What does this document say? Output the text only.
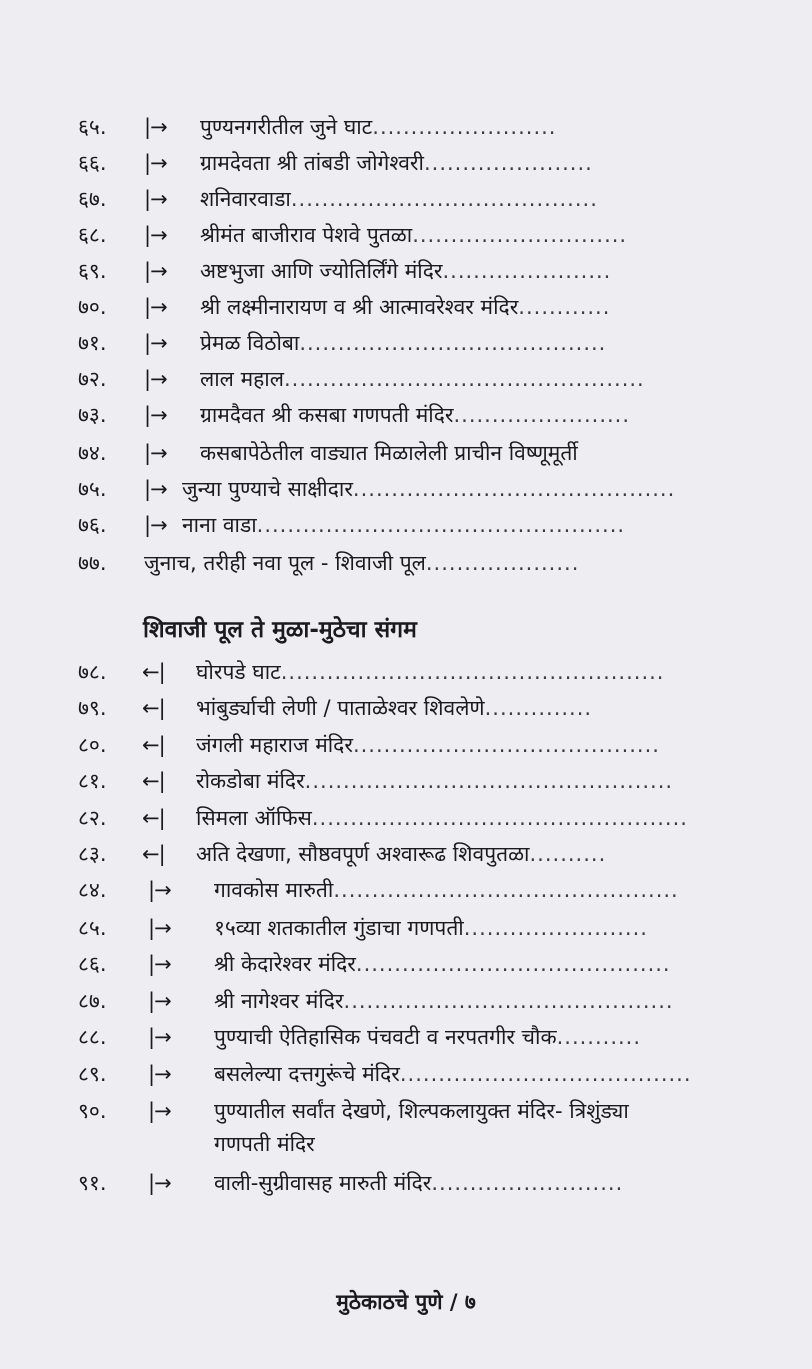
६५. |→ पुण्यनगरीतील जुने घाट........................
६६. |→ ग्रामदेवता श्री तांबडी जोगेश्वरी......................
६७. |→ शनिवारवाडा........................................
६८. |→ श्रीमंत बाजीराव पेशवे पुतळा............................
६९. |→ अष्टभुजा आणि ज्योतिर्लिंगे मंदिर......................
७०. |→ श्री लक्ष्मीनारायण व श्री आत्मावरेश्वर मंदिर............
७१. |→ प्रेमळ विठोबा........................................
७२. |→ लाल महाल...............................................
७३. |→ ग्रामदैवत श्री कसबा गणपती मंदिर.......................
७४. |→ कसबापेठेतील वाड्यात मिळालेली प्राचीन विष्णूमूर्ती
७५. |→ जुन्या पुण्याचे साक्षीदार..........................................
७६. |→ नाना वाडा................................................
७७. जुनाच, तरीही नवा पूल - शिवाजी पूल....................
शिवाजी पूल ते मुळा-मुठेचा संगम
७८. ←| घोरपडे घाट..................................................
७९. ←| भांबुर्ड्याची लेणी / पाताळेश्वर शिवलेणे..............
८०. ←| जंगली महाराज मंदिर........................................
८१. ←| रोकडोबा मंदिर................................................
८२. ←| सिमला ऑफिस.................................................
८३. ←| अति देखणा, सौष्ठवपूर्ण अश्वारूढ शिवपुतळा..........
८४. |→ गावकोस मारुती.............................................
८५. |→ १५व्या शतकातील गुंडाचा गणपती........................
८६. |→ श्री केदारेश्वर मंदिर.........................................
८७. |→ श्री नागेश्वर मंदिर...........................................
८८. |→ पुण्याची ऐतिहासिक पंचवटी व नरपतगीर चौक...........
८९. |→ बसलेल्या दत्तगुरूंचे मंदिर......................................
९०. |→ पुण्यातील सर्वांत देखणे, शिल्पकलायुक्त मंदिर- त्रिशुंड्या गणपती मंदिर
९१. |→ वाली-सुग्रीवासह मारुती मंदिर.........................
मुठेकाठचे पुणे / ७
